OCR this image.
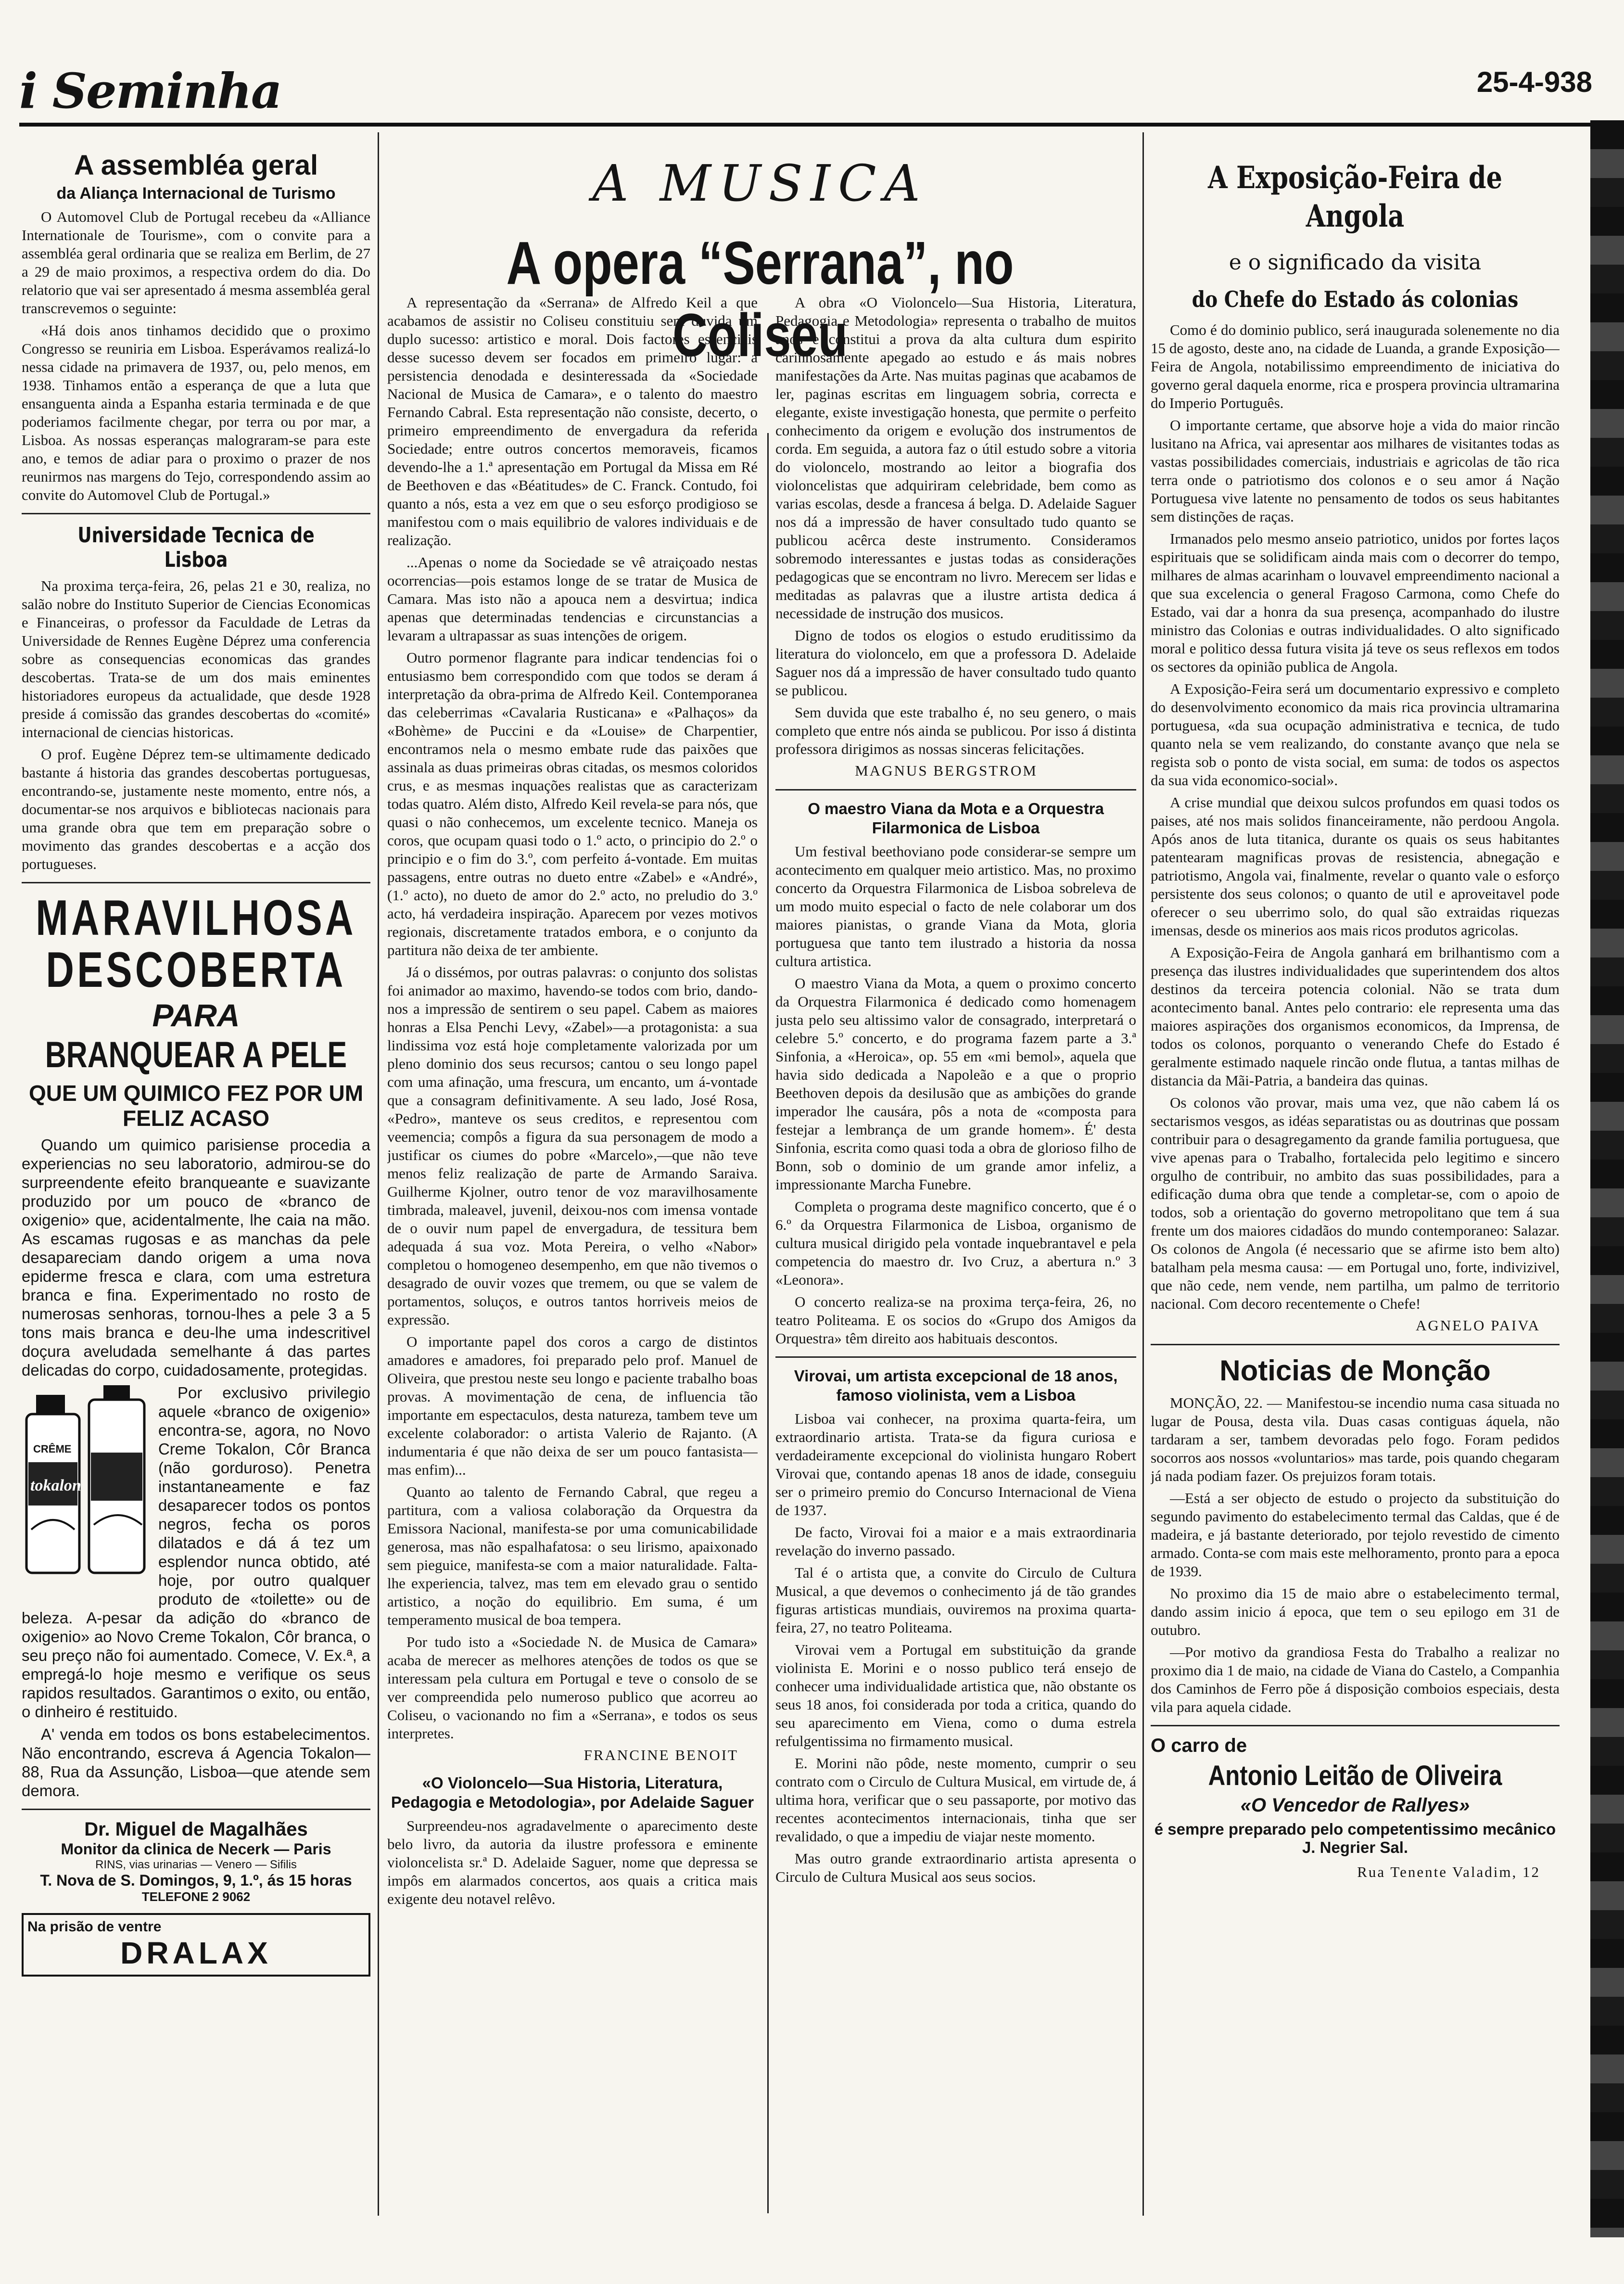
i Seminha	25-4-938
A assembléa geral
da Aliança Internacional de Turismo

O Automovel Club de Portugal recebeu da «Alliance Internationale de Tourisme», com o convite para a assembléa geral ordinaria que se realiza em Berlim, de 27 a 29 de maio proximos, a respectiva ordem do dia. Do relatorio que vai ser apresentado á mesma assembléa geral transcrevemos o seguinte:

«Há dois anos tinhamos decidido que o proximo Congresso se reuniria em Lisboa. Esperávamos realizá-lo nessa cidade na primavera de 1937, ou, pelo menos, em 1938. Tinhamos então a esperança de que a luta que ensanguenta ainda a Espanha estaria terminada e de que poderiamos facilmente chegar, por terra ou por mar, a Lisboa. As nossas esperanças malograram-se para este ano, e temos de adiar para o proximo o prazer de nos reunirmos nas margens do Tejo, correspondendo assim ao convite do Automovel Club de Portugal.»

Universidade Tecnica de Lisboa

Na proxima terça-feira, 26, pelas 21 e 30, realiza, no salão nobre do Instituto Superior de Ciencias Economicas e Financeiras, o professor da Faculdade de Letras da Universidade de Rennes Eugène Déprez uma conferencia sobre as consequencias economicas das grandes descobertas. Trata-se de um dos mais eminentes historiadores europeus da actualidade, que desde 1928 preside á comissão das grandes descobertas do «comité» internacional de ciencias historicas.

O prof. Eugène Déprez tem-se ultimamente dedicado bastante á historia das grandes descobertas portuguesas, encontrando-se, justamente neste momento, entre nós, a documentar-se nos arquivos e bibliotecas nacionais para uma grande obra que tem em preparação sobre o movimento das grandes descobertas e a acção dos portugueses.

MARAVILHOSA
DESCOBERTA
PARA
BRANQUEAR A PELE
QUE UM QUIMICO FEZ POR UM FELIZ ACASO

Quando um quimico parisiense procedia a experiencias no seu laboratorio, admirou-se do surpreendente efeito branqueante e suavizante produzido por um pouco de «branco de oxigenio» que, acidentalmente, lhe caia na mão. As escamas rugosas e as manchas da pele desapareciam dando origem a uma nova epiderme fresca e clara, com uma estretura branca e fina. Experimentado no rosto de numerosas senhoras, tornou-lhes a pele 3 a 5 tons mais branca e deu-lhe uma indescritivel doçura aveludada semelhante á das partes delicadas do corpo, cuidadosamente, protegidas.

CRÊME
tokalon

Por exclusivo privilegio aquele «branco de oxigenio» encontra-se, agora, no Novo Creme Tokalon, Côr Branca (não gorduroso). Penetra instantaneamente e faz desaparecer todos os pontos negros, fecha os poros dilatados e dá á tez um esplendor nunca obtido, até hoje, por outro qualquer produto de «toilette» ou de beleza. A-pesar da adição do «branco de oxigenio» ao Novo Creme Tokalon, Côr branca, o seu preço não foi aumentado. Comece, V. Ex.ª, a empregá-lo hoje mesmo e verifique os seus rapidos resultados. Garantimos o exito, ou então, o dinheiro é restituido.

A' venda em todos os bons estabelecimentos. Não encontrando, escreva á Agencia Tokalon—88, Rua da Assunção, Lisboa—que atende sem demora.

Dr. Miguel de Magalhães
Monitor da clinica de Necerk — Paris
RINS, vias urinarias — Venero — Sifilis
T. Nova de S. Domingos, 9, 1.º, ás 15 horas
TELEFONE 2 9062
Na prisão de ventre
DRALAX
A MUSICA
A opera “Serrana”, no Coliseu

A representação da «Serrana» de Alfredo Keil a que acabamos de assistir no Coliseu constituiu sem duvida um duplo sucesso: artistico e moral. Dois factores essenciais desse sucesso devem ser focados em primeiro lugar: a persistencia denodada e desinteressada da «Sociedade Nacional de Musica de Camara», e o talento do maestro Fernando Cabral. Esta representação não consiste, decerto, o primeiro empreendimento de envergadura da referida Sociedade; entre outros concertos memoraveis, ficamos devendo-lhe a 1.ª apresentação em Portugal da Missa em Ré de Beethoven e das «Béatitudes» de C. Franck. Contudo, foi quanto a nós, esta a vez em que o seu esforço prodigioso se manifestou com o mais equilibrio de valores individuais e de realização.

...Apenas o nome da Sociedade se vê atraiçoado nestas ocorrencias—pois estamos longe de se tratar de Musica de Camara. Mas isto não a apouca nem a desvirtua; indica apenas que determinadas tendencias e circunstancias a levaram a ultrapassar as suas intenções de origem.

Outro pormenor flagrante para indicar tendencias foi o entusiasmo bem correspondido com que todos se deram á interpretação da obra-prima de Alfredo Keil. Contemporanea das celeberrimas «Cavalaria Rusticana» e «Palhaços» da «Bohème» de Puccini e da «Louise» de Charpentier, encontramos nela o mesmo embate rude das paixões que assinala as duas primeiras obras citadas, os mesmos coloridos crus, e as mesmas inquações realistas que as caracterizam todas quatro. Além disto, Alfredo Keil revela-se para nós, que quasi o não conhecemos, um excelente tecnico. Maneja os coros, que ocupam quasi todo o 1.º acto, o principio do 2.º o principio e o fim do 3.º, com perfeito á-vontade. Em muitas passagens, entre outras no dueto entre «Zabel» e «André», (1.º acto), no dueto de amor do 2.º acto, no preludio do 3.º acto, há verdadeira inspiração. Aparecem por vezes motivos regionais, discretamente tratados embora, e o conjunto da partitura não deixa de ter ambiente.

Já o dissémos, por outras palavras: o conjunto dos solistas foi animador ao maximo, havendo-se todos com brio, dando-nos a impressão de sentirem o seu papel. Cabem as maiores honras a Elsa Penchi Levy, «Zabel»—a protagonista: a sua lindissima voz está hoje completamente valorizada por um pleno dominio dos seus recursos; cantou o seu longo papel com uma afinação, uma frescura, um encanto, um á-vontade que a consagram definitivamente. A seu lado, José Rosa, «Pedro», manteve os seus creditos, e representou com veemencia; compôs a figura da sua personagem de modo a justificar os ciumes do pobre «Marcelo»,—que não teve menos feliz realização de parte de Armando Saraiva. Guilherme Kjolner, outro tenor de voz maravilhosamente timbrada, maleavel, juvenil, deixou-nos com imensa vontade de o ouvir num papel de envergadura, de tessitura bem adequada á sua voz. Mota Pereira, o velho «Nabor» completou o homogeneo desempenho, em que não tivemos o desagrado de ouvir vozes que tremem, ou que se valem de portamentos, soluços, e outros tantos horriveis meios de expressão.

O importante papel dos coros a cargo de distintos amadores e amadores, foi preparado pelo prof. Manuel de Oliveira, que prestou neste seu longo e paciente trabalho boas provas. A movimentação de cena, de influencia tão importante em espectaculos, desta natureza, tambem teve um excelente colaborador: o artista Valerio de Rajanto. (A indumentaria é que não deixa de ser um pouco fantasista—mas enfim)...

Quanto ao talento de Fernando Cabral, que regeu a partitura, com a valiosa colaboração da Orquestra da Emissora Nacional, manifesta-se por uma comunicabilidade generosa, mas não espalhafatosa: o seu lirismo, apaixonado sem pieguice, manifesta-se com a maior naturalidade. Falta-lhe experiencia, talvez, mas tem em elevado grau o sentido artistico, a noção do equilibrio. Em suma, é um temperamento musical de boa tempera.

Por tudo isto a «Sociedade N. de Musica de Camara» acaba de merecer as melhores atenções de todos os que se interessam pela cultura em Portugal e teve o consolo de se ver compreendida pelo numeroso publico que acorreu ao Coliseu, o vacionando no fim a «Serrana», e todos os seus interpretes.

FRANCINE BENOIT
«O Violoncelo—Sua Historia, Literatura, Pedagogia e Metodologia», por Adelaide Saguer

Surpreendeu-nos agradavelmente o aparecimento deste belo livro, da autoria da ilustre professora e eminente violoncelista sr.ª D. Adelaide Saguer, nome que depressa se impôs em alarmados concertos, aos quais a critica mais exigente deu notavel relêvo.

A obra «O Violoncelo—Sua Historia, Literatura, Pedagogia e Metodologia» representa o trabalho de muitos anos e constitui a prova da alta cultura dum espirito carinhosamente apegado ao estudo e ás mais nobres manifestações da Arte. Nas muitas paginas que acabamos de ler, paginas escritas em linguagem sobria, correcta e elegante, existe investigação honesta, que permite o perfeito conhecimento da origem e evolução dos instrumentos de corda. Em seguida, a autora faz o útil estudo sobre a vitoria do violoncelo, mostrando ao leitor a biografia dos violoncelistas que adquiriram celebridade, bem como as varias escolas, desde a francesa á belga. D. Adelaide Saguer nos dá a impressão de haver consultado tudo quanto se publicou acêrca deste instrumento. Consideramos sobremodo interessantes e justas todas as considerações pedagogicas que se encontram no livro. Merecem ser lidas e meditadas as palavras que a ilustre artista dedica á necessidade de instrução dos musicos.

Digno de todos os elogios o estudo eruditissimo da literatura do violoncelo, em que a professora D. Adelaide Saguer nos dá a impressão de haver consultado tudo quanto se publicou.

Sem duvida que este trabalho é, no seu genero, o mais completo que entre nós ainda se publicou. Por isso á distinta professora dirigimos as nossas sinceras felicitações.

MAGNUS BERGSTROM
O maestro Viana da Mota e a Orquestra Filarmonica de Lisboa

Um festival beethoviano pode considerar-se sempre um acontecimento em qualquer meio artistico. Mas, no proximo concerto da Orquestra Filarmonica de Lisboa sobreleva de um modo muito especial o facto de nele colaborar um dos maiores pianistas, o grande Viana da Mota, gloria portuguesa que tanto tem ilustrado a historia da nossa cultura artistica.

O maestro Viana da Mota, a quem o proximo concerto da Orquestra Filarmonica é dedicado como homenagem justa pelo seu altissimo valor de consagrado, interpretará o celebre 5.º concerto, e do programa fazem parte a 3.ª Sinfonia, a «Heroica», op. 55 em «mi bemol», aquela que havia sido dedicada a Napoleão e a que o proprio Beethoven depois da desilusão que as ambições do grande imperador lhe causára, pôs a nota de «composta para festejar a lembrança de um grande homem». É' desta Sinfonia, escrita como quasi toda a obra de glorioso filho de Bonn, sob o dominio de um grande amor infeliz, a impressionante Marcha Funebre.

Completa o programa deste magnifico concerto, que é o 6.º da Orquestra Filarmonica de Lisboa, organismo de cultura musical dirigido pela vontade inquebrantavel e pela competencia do maestro dr. Ivo Cruz, a abertura n.º 3 «Leonora».

O concerto realiza-se na proxima terça-feira, 26, no teatro Politeama. E os socios do «Grupo dos Amigos da Orquestra» têm direito aos habituais descontos.

Virovai, um artista excepcional de 18 anos, famoso violinista, vem a Lisboa

Lisboa vai conhecer, na proxima quarta-feira, um extraordinario artista. Trata-se da figura curiosa e verdadeiramente excepcional do violinista hungaro Robert Virovai que, contando apenas 18 anos de idade, conseguiu ser o primeiro premio do Concurso Internacional de Viena de 1937.

De facto, Virovai foi a maior e a mais extraordinaria revelação do inverno passado.

Tal é o artista que, a convite do Circulo de Cultura Musical, a que devemos o conhecimento já de tão grandes figuras artisticas mundiais, ouviremos na proxima quarta-feira, 27, no teatro Politeama.

Virovai vem a Portugal em substituição da grande violinista E. Morini e o nosso publico terá ensejo de conhecer uma individualidade artistica que, não obstante os seus 18 anos, foi considerada por toda a critica, quando do seu aparecimento em Viena, como o duma estrela refulgentissima no firmamento musical.

E. Morini não pôde, neste momento, cumprir o seu contrato com o Circulo de Cultura Musical, em virtude de, á ultima hora, verificar que o seu passaporte, por motivo das recentes acontecimentos internacionais, tinha que ser revalidado, o que a impediu de viajar neste momento.

Mas outro grande extraordinario artista apresenta o Circulo de Cultura Musical aos seus socios.

A Exposição-Feira de Angola
e o significado da visita
do Chefe do Estado ás colonias

Como é do dominio publico, será inaugurada solenemente no dia 15 de agosto, deste ano, na cidade de Luanda, a grande Exposição—Feira de Angola, notabilissimo empreendimento de iniciativa do governo geral daquela enorme, rica e prospera provincia ultramarina do Imperio Português.

O importante certame, que absorve hoje a vida do maior rincão lusitano na Africa, vai apresentar aos milhares de visitantes todas as vastas possibilidades comerciais, industriais e agricolas de tão rica terra onde o patriotismo dos colonos e o seu amor á Nação Portuguesa vive latente no pensamento de todos os seus habitantes sem distinções de raças.

Irmanados pelo mesmo anseio patriotico, unidos por fortes laços espirituais que se solidificam ainda mais com o decorrer do tempo, milhares de almas acarinham o louvavel empreendimento nacional a que sua excelencia o general Fragoso Carmona, como Chefe do Estado, vai dar a honra da sua presença, acompanhado do ilustre ministro das Colonias e outras individualidades. O alto significado moral e politico dessa futura visita já teve os seus reflexos em todos os sectores da opinião publica de Angola.

A Exposição-Feira será um documentario expressivo e completo do desenvolvimento economico da mais rica provincia ultramarina portuguesa, «da sua ocupação administrativa e tecnica, de tudo quanto nela se vem realizando, do constante avanço que nela se regista sob o ponto de vista social, em suma: de todos os aspectos da sua vida economico-social».

A crise mundial que deixou sulcos profundos em quasi todos os paises, até nos mais solidos financeiramente, não perdoou Angola. Após anos de luta titanica, durante os quais os seus habitantes patentearam magnificas provas de resistencia, abnegação e patriotismo, Angola vai, finalmente, revelar o quanto vale o esforço persistente dos seus colonos; o quanto de util e aproveitavel pode oferecer o seu uberrimo solo, do qual são extraidas riquezas imensas, desde os minerios aos mais ricos produtos agricolas.

A Exposição-Feira de Angola ganhará em brilhantismo com a presença das ilustres individualidades que superintendem dos altos destinos da terceira potencia colonial. Não se trata dum acontecimento banal. Antes pelo contrario: ele representa uma das maiores aspirações dos organismos economicos, da Imprensa, de todos os colonos, porquanto o venerando Chefe do Estado é geralmente estimado naquele rincão onde flutua, a tantas milhas de distancia da Mãi-Patria, a bandeira das quinas.

Os colonos vão provar, mais uma vez, que não cabem lá os sectarismos vesgos, as idéas separatistas ou as doutrinas que possam contribuir para o desagregamento da grande familia portuguesa, que vive apenas para o Trabalho, fortalecida pelo legitimo e sincero orgulho de contribuir, no ambito das suas possibilidades, para a edificação duma obra que tende a completar-se, com o apoio de todos, sob a orientação do governo metropolitano que tem á sua frente um dos maiores cidadãos do mundo contemporaneo: Salazar. Os colonos de Angola (é necessario que se afirme isto bem alto) batalham pela mesma causa: — em Portugal uno, forte, indivizivel, que não cede, nem vende, nem partilha, um palmo de territorio nacional. Com decoro recentemente o Chefe!

AGNELO PAIVA
Noticias de Monção

MONÇÃO, 22. — Manifestou-se incendio numa casa situada no lugar de Pousa, desta vila. Duas casas contiguas áquela, não tardaram a ser, tambem devoradas pelo fogo. Foram pedidos socorros aos nossos «voluntarios» mas tarde, pois quando chegaram já nada podiam fazer. Os prejuizos foram totais.

—Está a ser objecto de estudo o projecto da substituição do segundo pavimento do estabelecimento termal das Caldas, que é de madeira, e já bastante deteriorado, por tejolo revestido de cimento armado. Conta-se com mais este melhoramento, pronto para a epoca de 1939.

No proximo dia 15 de maio abre o estabelecimento termal, dando assim inicio á epoca, que tem o seu epilogo em 31 de outubro.

—Por motivo da grandiosa Festa do Trabalho a realizar no proximo dia 1 de maio, na cidade de Viana do Castelo, a Companhia dos Caminhos de Ferro põe á disposição comboios especiais, desta vila para aquela cidade.

O carro de
Antonio Leitão de Oliveira
«O Vencedor de Rallyes»
é sempre preparado pelo competentissimo mecânico J. Negrier Sal.
Rua Tenente Valadim, 12
